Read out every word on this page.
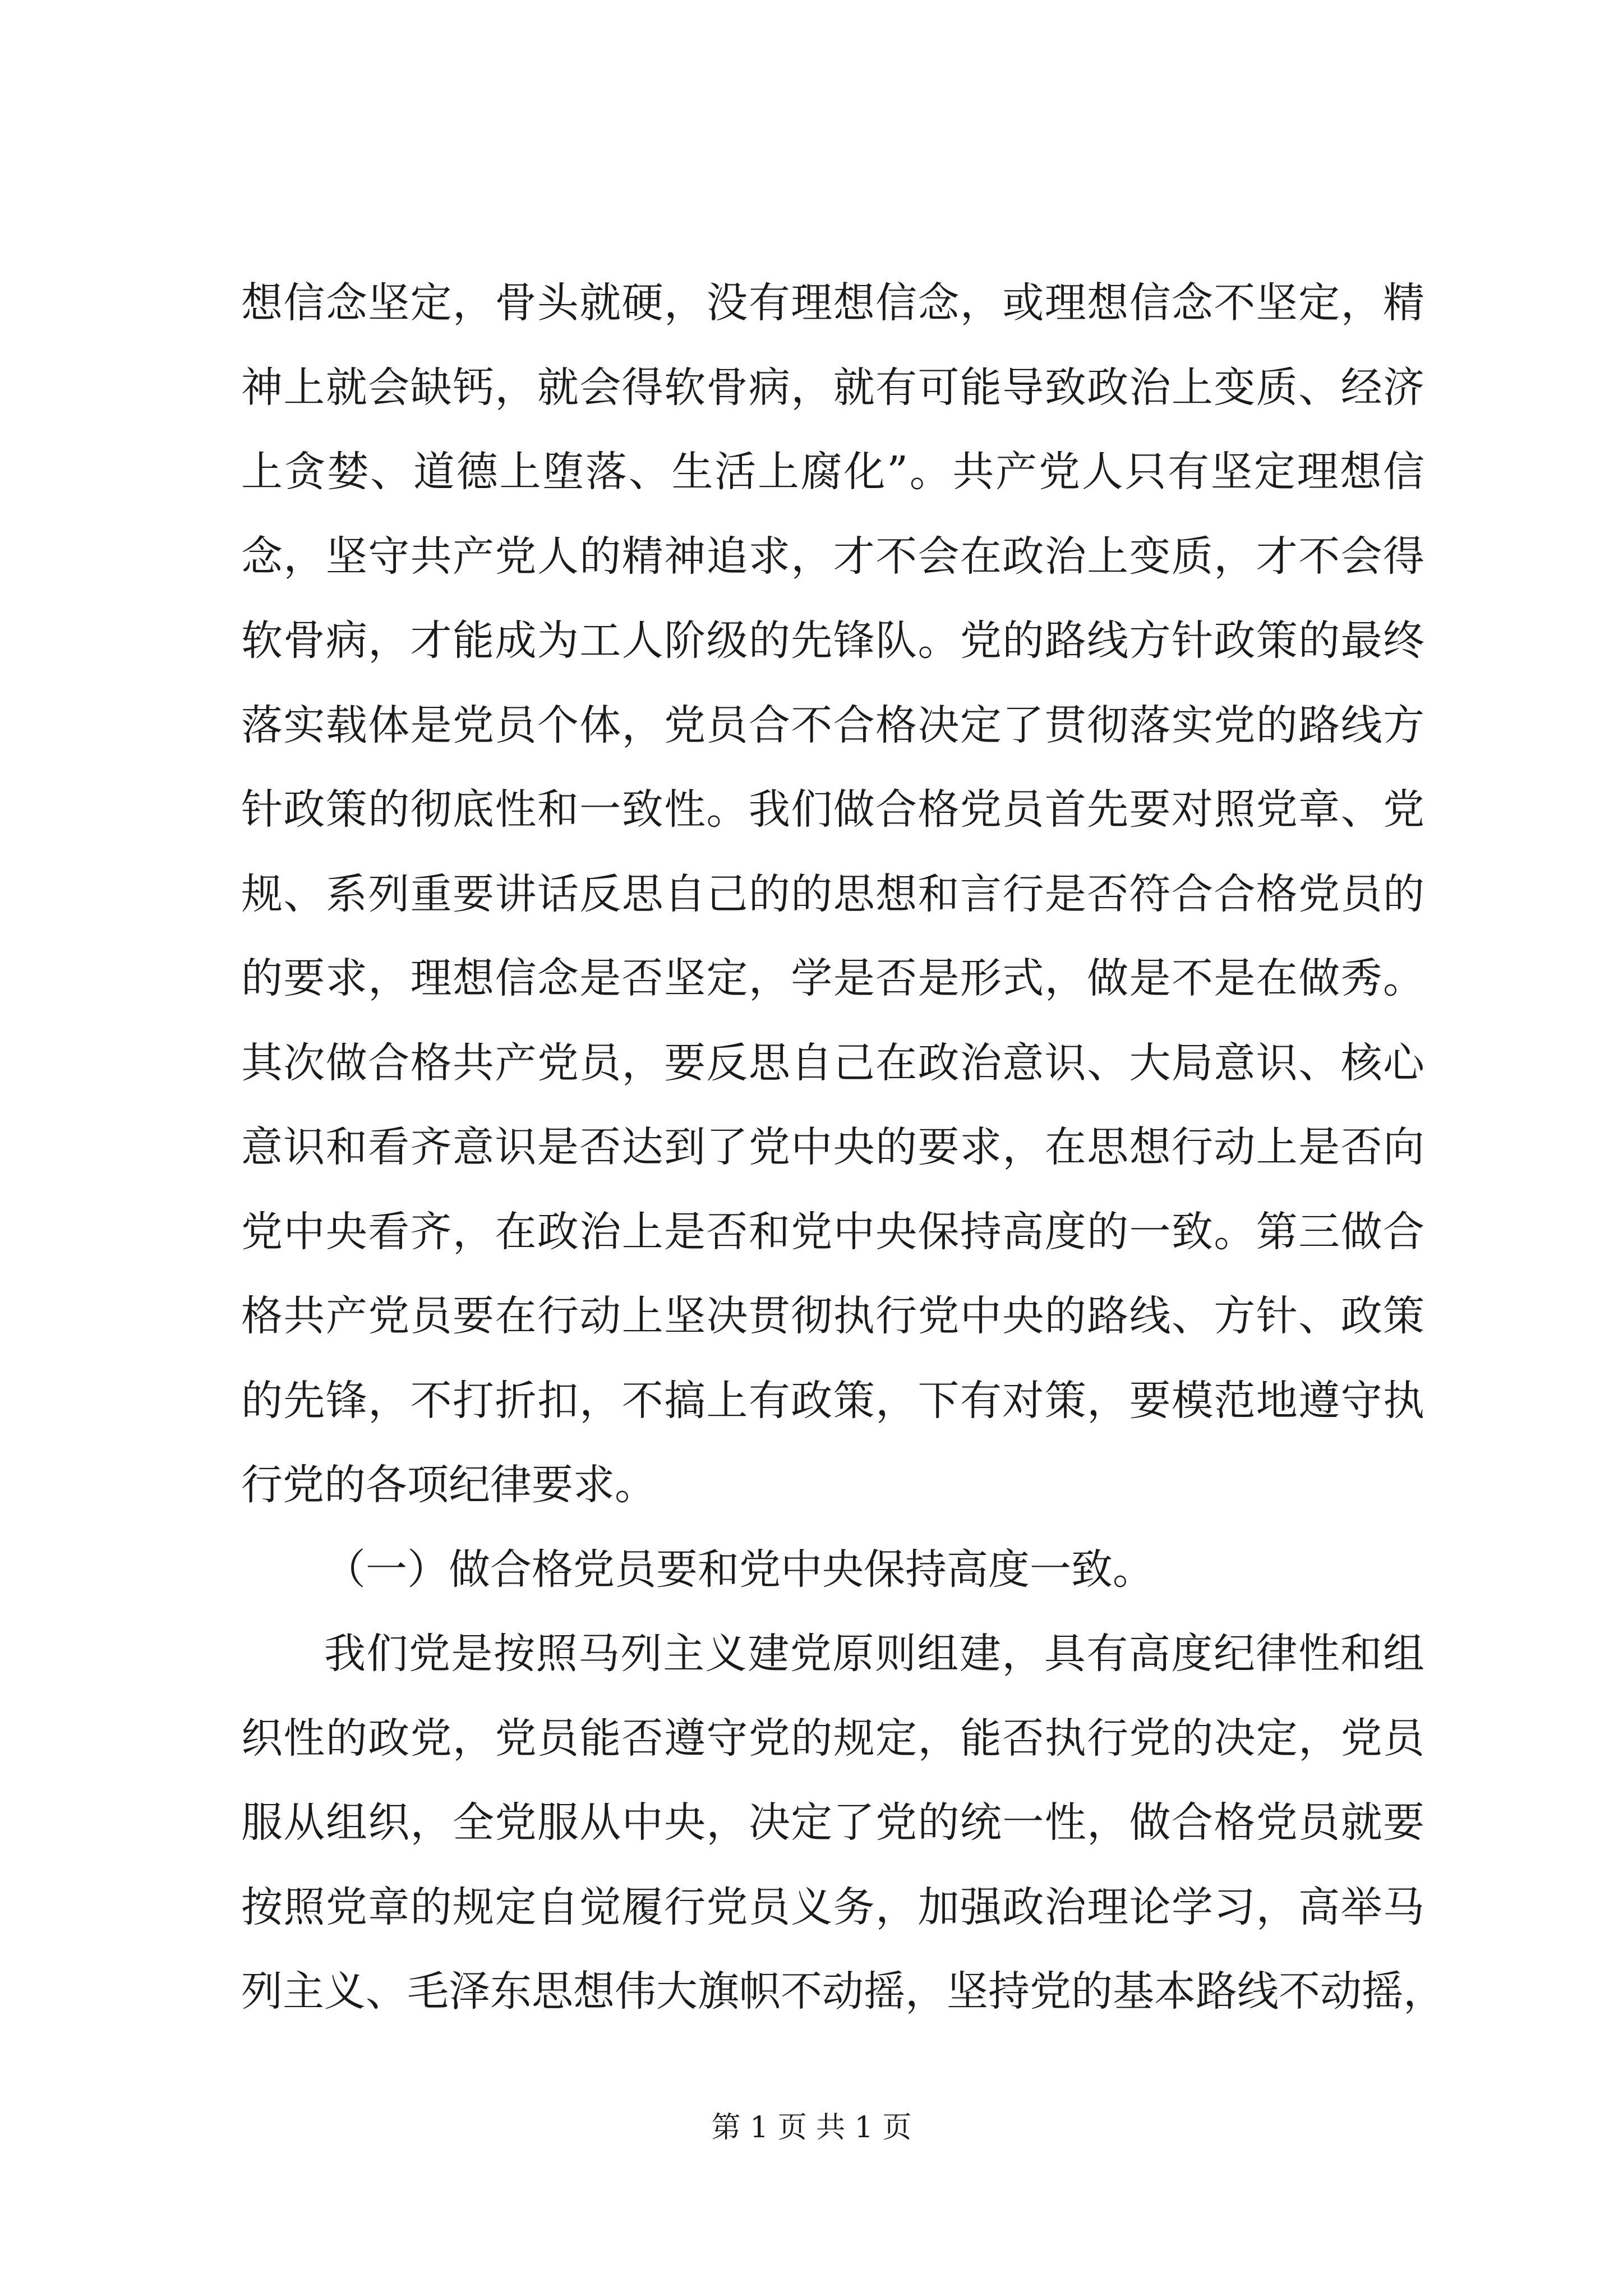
想信念坚定，骨头就硬，没有理想信念，或理想信念不坚定，精
神上就会缺钙，就会得软骨病，就有可能导致政治上变质、经济
上贪婪、道德上堕落、生活上腐化”。共产党人只有坚定理想信
念，坚守共产党人的精神追求，才不会在政治上变质，才不会得
软骨病，才能成为工人阶级的先锋队。党的路线方针政策的最终
落实载体是党员个体，党员合不合格决定了贯彻落实党的路线方
针政策的彻底性和一致性。我们做合格党员首先要对照党章、党
规、系列重要讲话反思自己的的思想和言行是否符合合格党员的
的要求，理想信念是否坚定，学是否是形式，做是不是在做秀。
其次做合格共产党员，要反思自己在政治意识、大局意识、核心
意识和看齐意识是否达到了党中央的要求，在思想行动上是否向
党中央看齐，在政治上是否和党中央保持高度的一致。第三做合
格共产党员要在行动上坚决贯彻执行党中央的路线、方针、政策
的先锋，不打折扣，不搞上有政策，下有对策，要模范地遵守执
行党的各项纪律要求。
（一）做合格党员要和党中央保持高度一致。
我们党是按照马列主义建党原则组建，具有高度纪律性和组
织性的政党，党员能否遵守党的规定，能否执行党的决定，党员
服从组织，全党服从中央，决定了党的统一性，做合格党员就要
按照党章的规定自觉履行党员义务，加强政治理论学习，高举马
列主义、毛泽东思想伟大旗帜不动摇，坚持党的基本路线不动摇，
第 1 页 共 1 页
